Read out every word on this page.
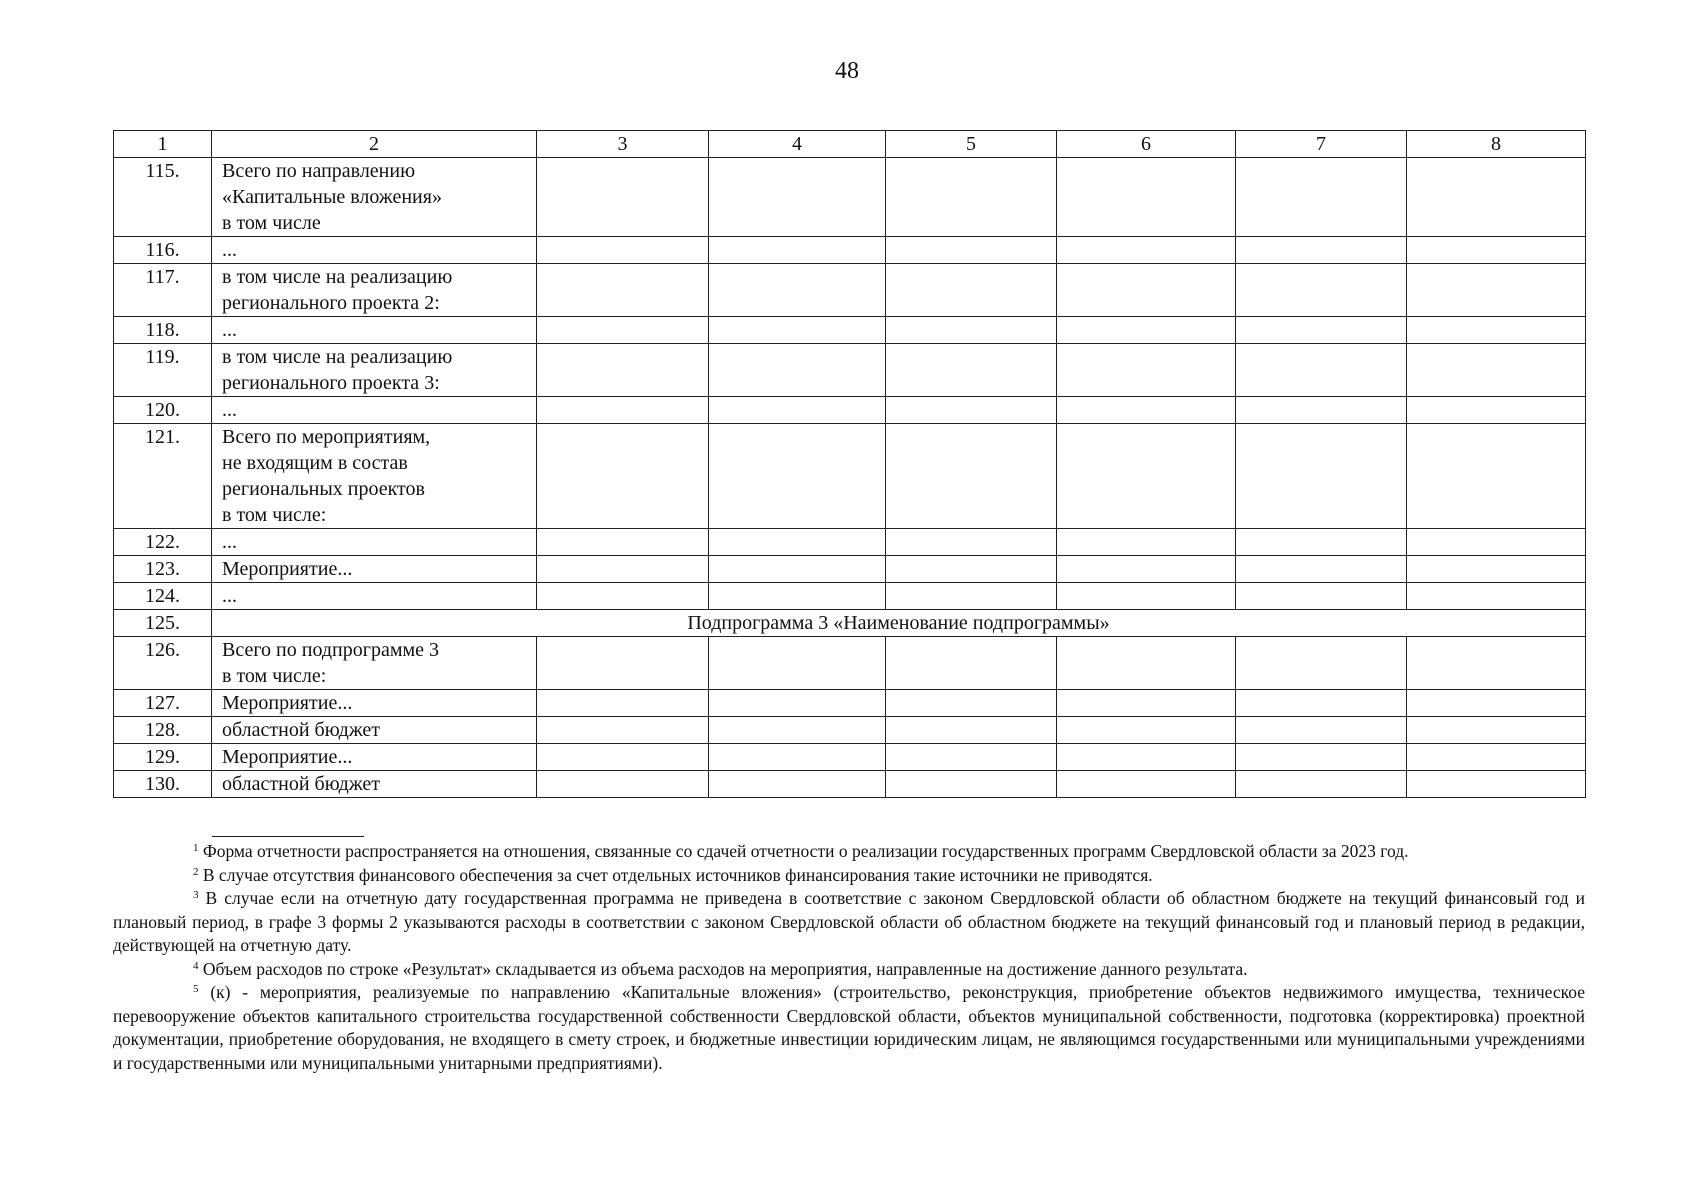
48
1	2	3	4	5	6	7	8
115.	Всего по направлению
«Капитальные вложения»
в том числе						
116.	...						
117.	в том числе на реализацию
регионального проекта 2:						
118.	...						
119.	в том числе на реализацию
регионального проекта 3:						
120.	...						
121.	Всего по мероприятиям,
не входящим в состав
региональных проектов
в том числе:						
122.	...						
123.	Мероприятие...						
124.	...						
125.	Подпрограмма 3 «Наименование подпрограммы»						
126.	Всего по подпрограмме 3
в том числе:						
127.	Мероприятие...						
128.	областной бюджет						
129.	Мероприятие...						
130.	областной бюджет						

$^1$ Форма отчетности распространяется на отношения, связанные со сдачей отчетности о реализации государственных программ Свердловской области за 2023 год.

$^2$ В случае отсутствия финансового обеспечения за счет отдельных источников финансирования такие источники не приводятся.

$^3$ В случае если на отчетную дату государственная программа не приведена в соответствие с законом Свердловской области об областном бюджете на текущий финансовый год и плановый период, в графе 3 формы 2 указываются расходы в соответствии с законом Свердловской области об областном бюджете на текущий финансовый год и плановый период в редакции, действующей на отчетную дату.

$^4$ Объем расходов по строке «Результат» складывается из объема расходов на мероприятия, направленные на достижение данного результата.

$^5$ (к) - мероприятия, реализуемые по направлению «Капитальные вложения» (строительство, реконструкция, приобретение объектов недвижимого имущества, техническое перевооружение объектов капитального строительства государственной собственности Свердловской области, объектов муниципальной собственности, подготовка (корректировка) проектной документации, приобретение оборудования, не входящего в смету строек, и бюджетные инвестиции юридическим лицам, не являющимся государственными или муниципальными учреждениями и государственными или муниципальными унитарными предприятиями).
